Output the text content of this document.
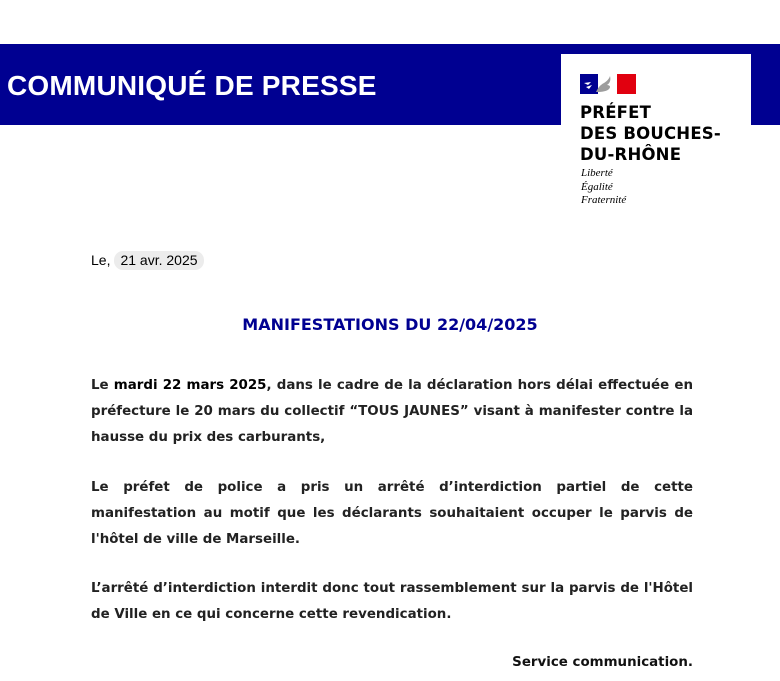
COMMUNIQUÉ DE PRESSE
PRÉFET
DES BOUCHES-
DU-RHÔNE
Liberté
Égalité
Fraternité
Le, 21 avr. 2025
MANIFESTATIONS DU 22/04/2025
Le mardi 22 mars 2025, dans le cadre de la déclaration hors délai effectuée en préfecture le 20 mars du collectif “TOUS JAUNES” visant à manifester contre la hausse du prix des carburants,
Le préfet de police a pris un arrêté d’interdiction partiel de cette manifestation au motif que les déclarants souhaitaient occuper le parvis de l'hôtel de ville de Marseille.
L’arrêté d’interdiction interdit donc tout rassemblement sur la parvis de l'Hôtel de Ville en ce qui concerne cette revendication.
Service communication.
